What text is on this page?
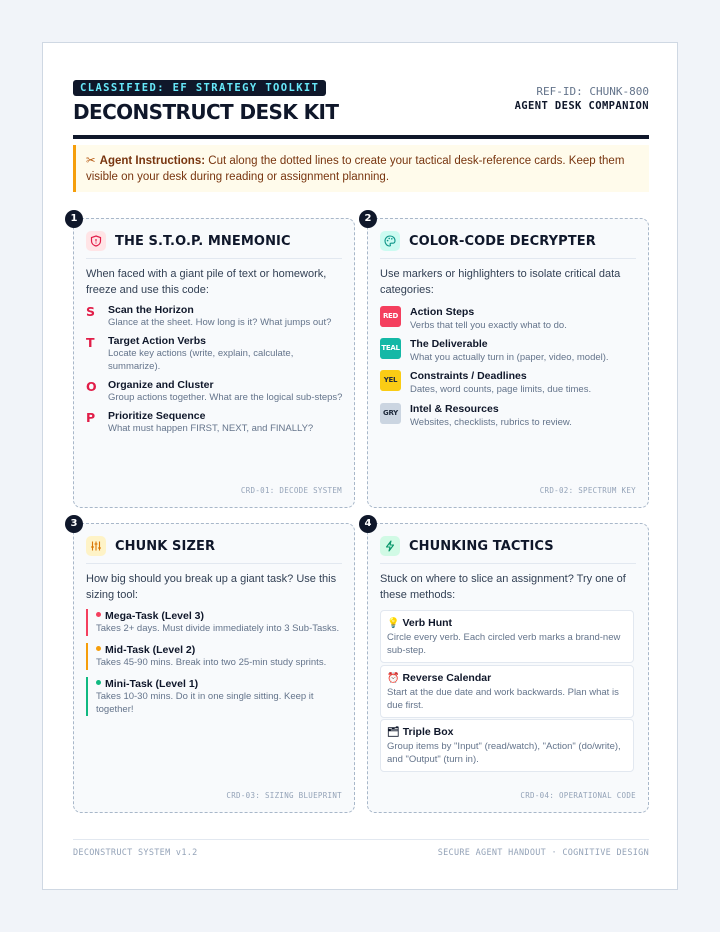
CLASSIFIED: EF STRATEGY TOOLKIT
DECONSTRUCT DESK KIT
REF-ID: CHUNK-800
AGENT DESK COMPANION
✂ Agent Instructions: Cut along the dotted lines to create your tactical desk-reference cards. Keep them visible on your desk during reading or assignment planning.
1
THE S.T.O.P. MNEMONIC
When faced with a giant pile of text or homework, freeze and use this code:
S Scan the Horizon
Glance at the sheet. How long is it? What jumps out?
T Target Action Verbs
Locate key actions (write, explain, calculate, summarize).
O Organize and Cluster
Group actions together. What are the logical sub-steps?
P Prioritize Sequence
What must happen FIRST, NEXT, and FINALLY?
CRD-01: DECODE SYSTEM
2
COLOR-CODE DECRYPTER
Use markers or highlighters to isolate critical data categories:
RED Action Steps
Verbs that tell you exactly what to do.
TEAL The Deliverable
What you actually turn in (paper, video, model).
YEL	Constraints / Deadlines
Dates, word counts, page limits, due times.
GRY Intel & Resources
Websites, checklists, rubrics to review.
CRD-02: SPECTRUM KEY
3
CHUNK SIZER
How big should you break up a giant task? Use this sizing tool:
Mega-Task (Level 3)
Takes 2+ days. Must divide immediately into 3 Sub-Tasks.
Mid-Task (Level 2)
Takes 45-90 mins. Break into two 25-min study sprints.
Mini-Task (Level 1)
Takes 10-30 mins. Do it in one single sitting. Keep it together!
CRD-03: SIZING BLUEPRINT
4
CHUNKING TACTICS
Stuck on where to slice an assignment? Try one of these methods:
💡 Verb Hunt
Circle every verb. Each circled verb marks a brand-new sub-step.
⏰ Reverse Calendar
Start at the due date and work backwards. Plan what is due first.
🗂 Triple Box
Group items by "Input" (read/watch), "Action" (do/write), and "Output" (turn in).
CRD-04: OPERATIONAL CODE
DECONSTRUCT SYSTEM v1.2	SECURE AGENT HANDOUT · COGNITIVE DESIGN
